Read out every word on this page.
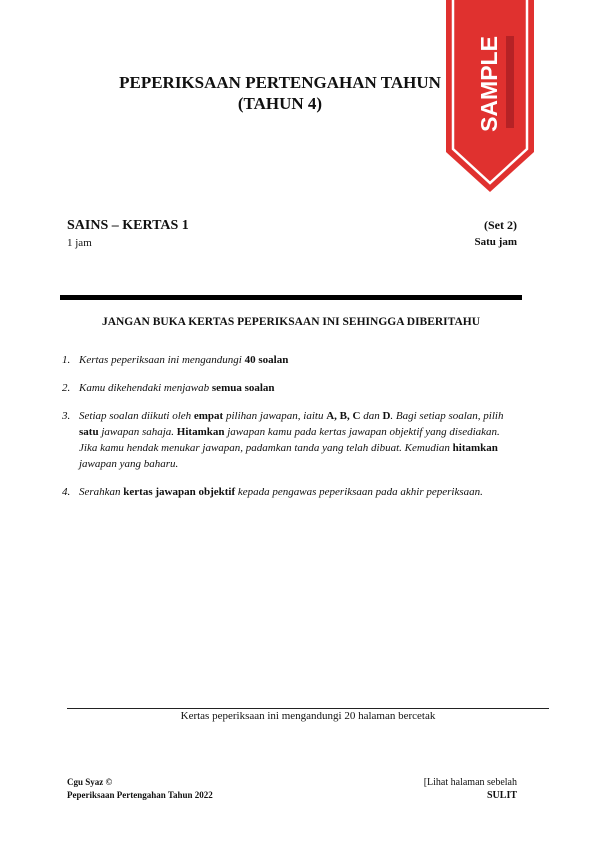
PEPERIKSAAN PERTENGAHAN TAHUN
(TAHUN 4)
SAINS – KERTAS 1
1 jam
(Set 2)
Satu jam
JANGAN BUKA KERTAS PEPERIKSAAN INI SEHINGGA DIBERITAHU
1. Kertas peperiksaan ini mengandungi 40 soalan
2. Kamu dikehendaki menjawab semua soalan
3. Setiap soalan diikuti oleh empat pilihan jawapan, iaitu A, B, C dan D. Bagi setiap soalan, pilih satu jawapan sahaja. Hitamkan jawapan kamu pada kertas jawapan objektif yang disediakan. Jika kamu hendak menukar jawapan, padamkan tanda yang telah dibuat. Kemudian hitamkan jawapan yang baharu.
4. Serahkan kertas jawapan objektif kepada pengawas peperiksaan pada akhir peperiksaan.
Kertas peperiksaan ini mengandungi 20 halaman bercetak
Cgu Syaz ©
Peperiksaan Pertengahan Tahun 2022
[Lihat halaman sebelah
SULIT
SAMPLE
